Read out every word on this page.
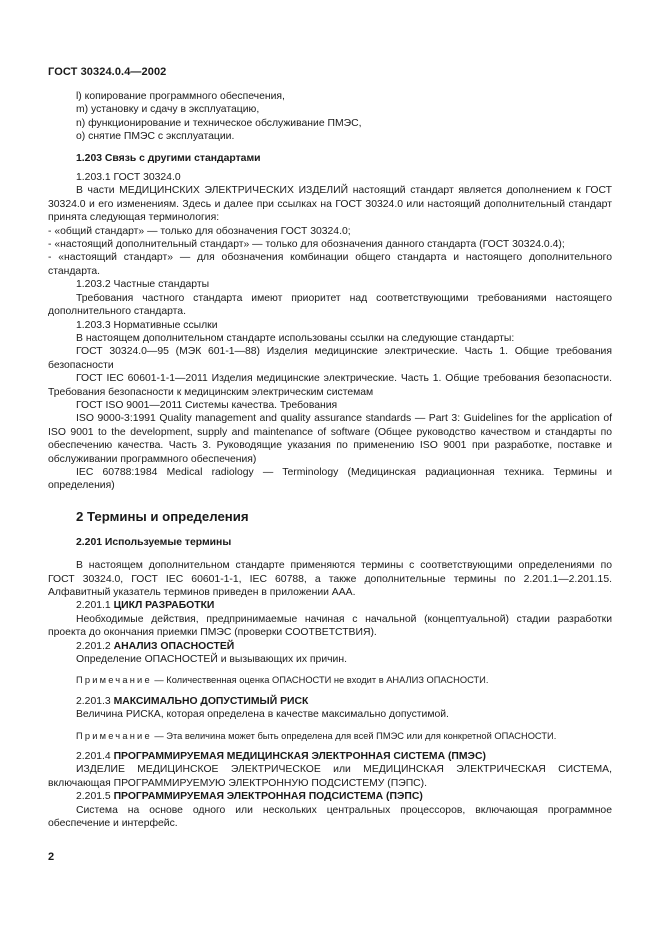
ГОСТ 30324.0.4—2002

l) копирование программного обеспечения,

m) установку и сдачу в эксплуатацию,

n) функционирование и техническое обслуживание ПМЭС,

о) снятие ПМЭС с эксплуатации.

1.203 Связь с другими стандартами

1.203.1 ГОСТ 30324.0

В части МЕДИЦИНСКИХ ЭЛЕКТРИЧЕСКИХ ИЗДЕЛИЙ настоящий стандарт является дополнением к ГОСТ 30324.0 и его изменениям. Здесь и далее при ссылках на ГОСТ 30324.0 или настоящий дополнительный стандарт принята следующая терминология:

- «общий стандарт» — только для обозначения ГОСТ 30324.0;

- «настоящий дополнительный стандарт» — только для обозначения данного стандарта (ГОСТ 30324.0.4);

- «настоящий стандарт» — для обозначения комбинации общего стандарта и настоящего дополнительного стандарта.

1.203.2 Частные стандарты

Требования частного стандарта имеют приоритет над соответствующими требованиями настоящего дополнительного стандарта.

1.203.3 Нормативные ссылки

В настоящем дополнительном стандарте использованы ссылки на следующие стандарты:

ГОСТ 30324.0—95 (МЭК 601-1—88) Изделия медицинские электрические. Часть 1. Общие требования безопасности

ГОСТ IEC 60601-1-1—2011 Изделия медицинские электрические. Часть 1. Общие требования безопасности. Требования безопасности к медицинским электрическим системам

ГОСТ ISO 9001—2011 Системы качества. Требования

ISO 9000-3:1991 Quality management and quality assurance standards — Part 3: Guidelines for the application of ISO 9001 to the development, supply and maintenance of software (Общее руководство качеством и стандарты по обеспечению качества. Часть 3. Руководящие указания по применению ISO 9001 при разработке, поставке и обслуживании программного обеспечения)

IEC 60788:1984 Medical radiology — Terminology (Медицинская радиационная техника. Термины и определения)

2 Термины и определения

2.201 Используемые термины

В настоящем дополнительном стандарте применяются термины с соответствующими определениями по ГОСТ 30324.0, ГОСТ IEC 60601-1-1, IEC 60788, а также дополнительные термины по 2.201.1—2.201.15. Алфавитный указатель терминов приведен в приложении ААА.

2.201.1 ЦИКЛ РАЗРАБОТКИ

Необходимые действия, предпринимаемые начиная с начальной (концептуальной) стадии разработки проекта до окончания приемки ПМЭС (проверки СООТВЕТСТВИЯ).

2.201.2 АНАЛИЗ ОПАСНОСТЕЙ

Определение ОПАСНОСТЕЙ и вызывающих их причин.

Примечание — Количественная оценка ОПАСНОСТИ не входит в АНАЛИЗ ОПАСНОСТИ.

2.201.3 МАКСИМАЛЬНО ДОПУСТИМЫЙ РИСК

Величина РИСКА, которая определена в качестве максимально допустимой.

Примечание — Эта величина может быть определена для всей ПМЭС или для конкретной ОПАСНОСТИ.

2.201.4 ПРОГРАММИРУЕМАЯ МЕДИЦИНСКАЯ ЭЛЕКТРОННАЯ СИСТЕМА (ПМЭС)

ИЗДЕЛИЕ МЕДИЦИНСКОЕ ЭЛЕКТРИЧЕСКОЕ или МЕДИЦИНСКАЯ ЭЛЕКТРИЧЕСКАЯ СИСТЕМА, включающая ПРОГРАММИРУЕМУЮ ЭЛЕКТРОННУЮ ПОДСИСТЕМУ (ПЭПС).

2.201.5 ПРОГРАММИРУЕМАЯ ЭЛЕКТРОННАЯ ПОДСИСТЕМА (ПЭПС)

Система на основе одного или нескольких центральных процессоров, включающая программное обеспечение и интерфейс.

2
